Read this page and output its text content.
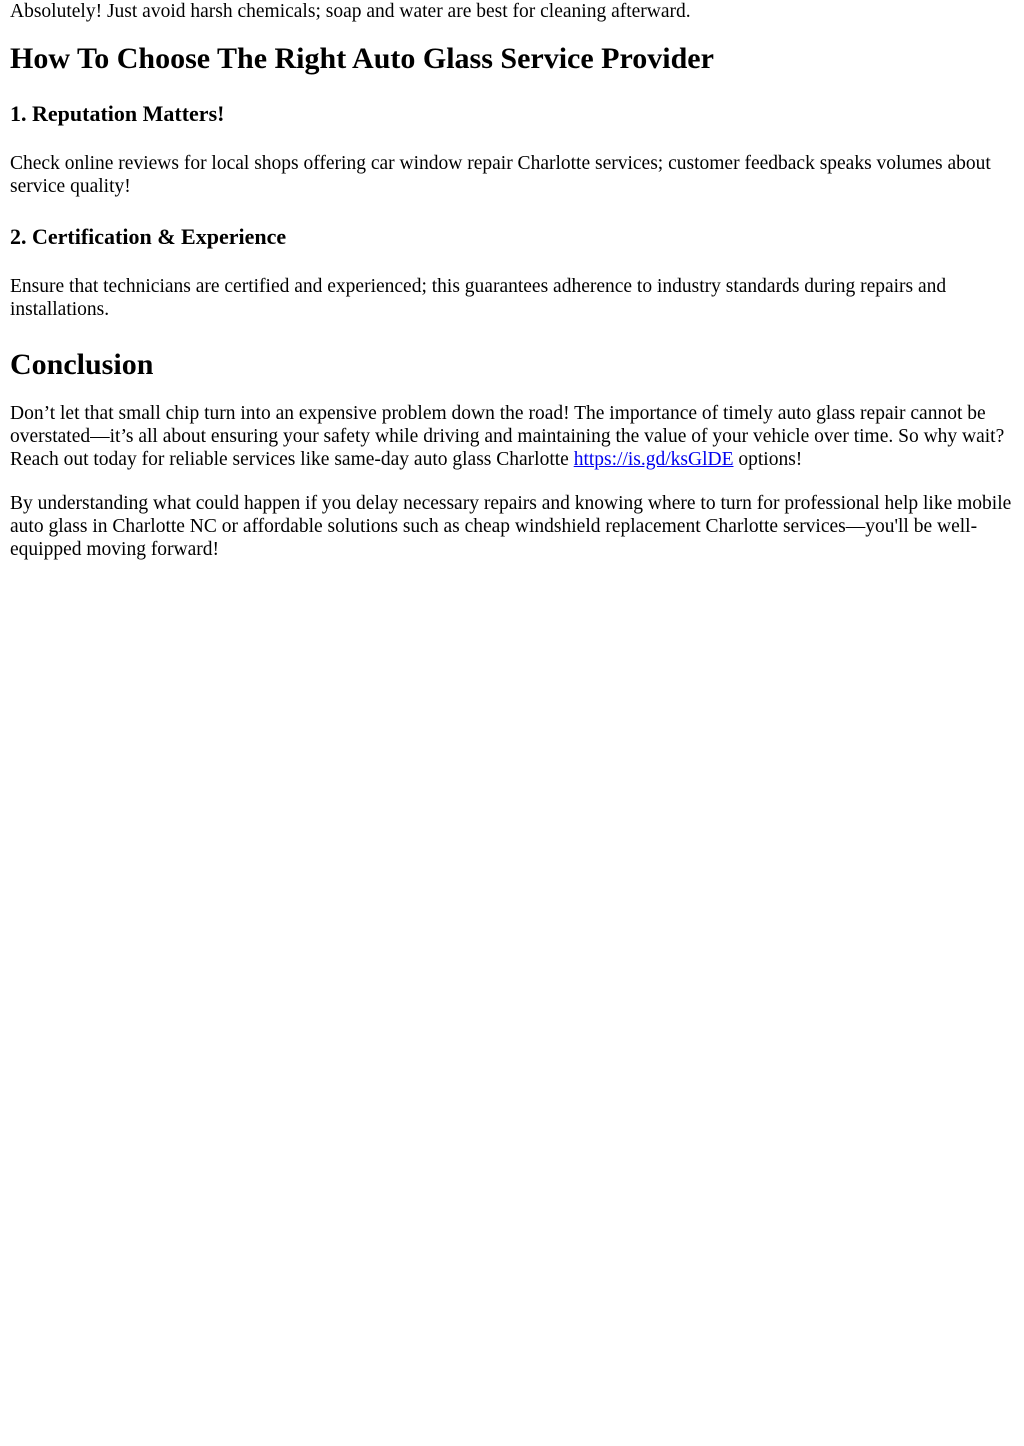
Absolutely! Just avoid harsh chemicals; soap and water are best for cleaning afterward.

How To Choose The Right Auto Glass Service Provider
1. Reputation Matters!

Check online reviews for local shops offering car window repair Charlotte services; customer feedback speaks volumes about service quality!

2. Certification & Experience

Ensure that technicians are certified and experienced; this guarantees adherence to industry standards during repairs and installations.

Conclusion

Don’t let that small chip turn into an expensive problem down the road! The importance of timely auto glass repair cannot be overstated—it’s all about ensuring your safety while driving and maintaining the value of your vehicle over time. So why wait? Reach out today for reliable services like same-day auto glass Charlotte https://is.gd/ksGlDE options!

By understanding what could happen if you delay necessary repairs and knowing where to turn for professional help like mobile auto glass in Charlotte NC or affordable solutions such as cheap windshield replacement Charlotte services—you'll be well-equipped moving forward!
